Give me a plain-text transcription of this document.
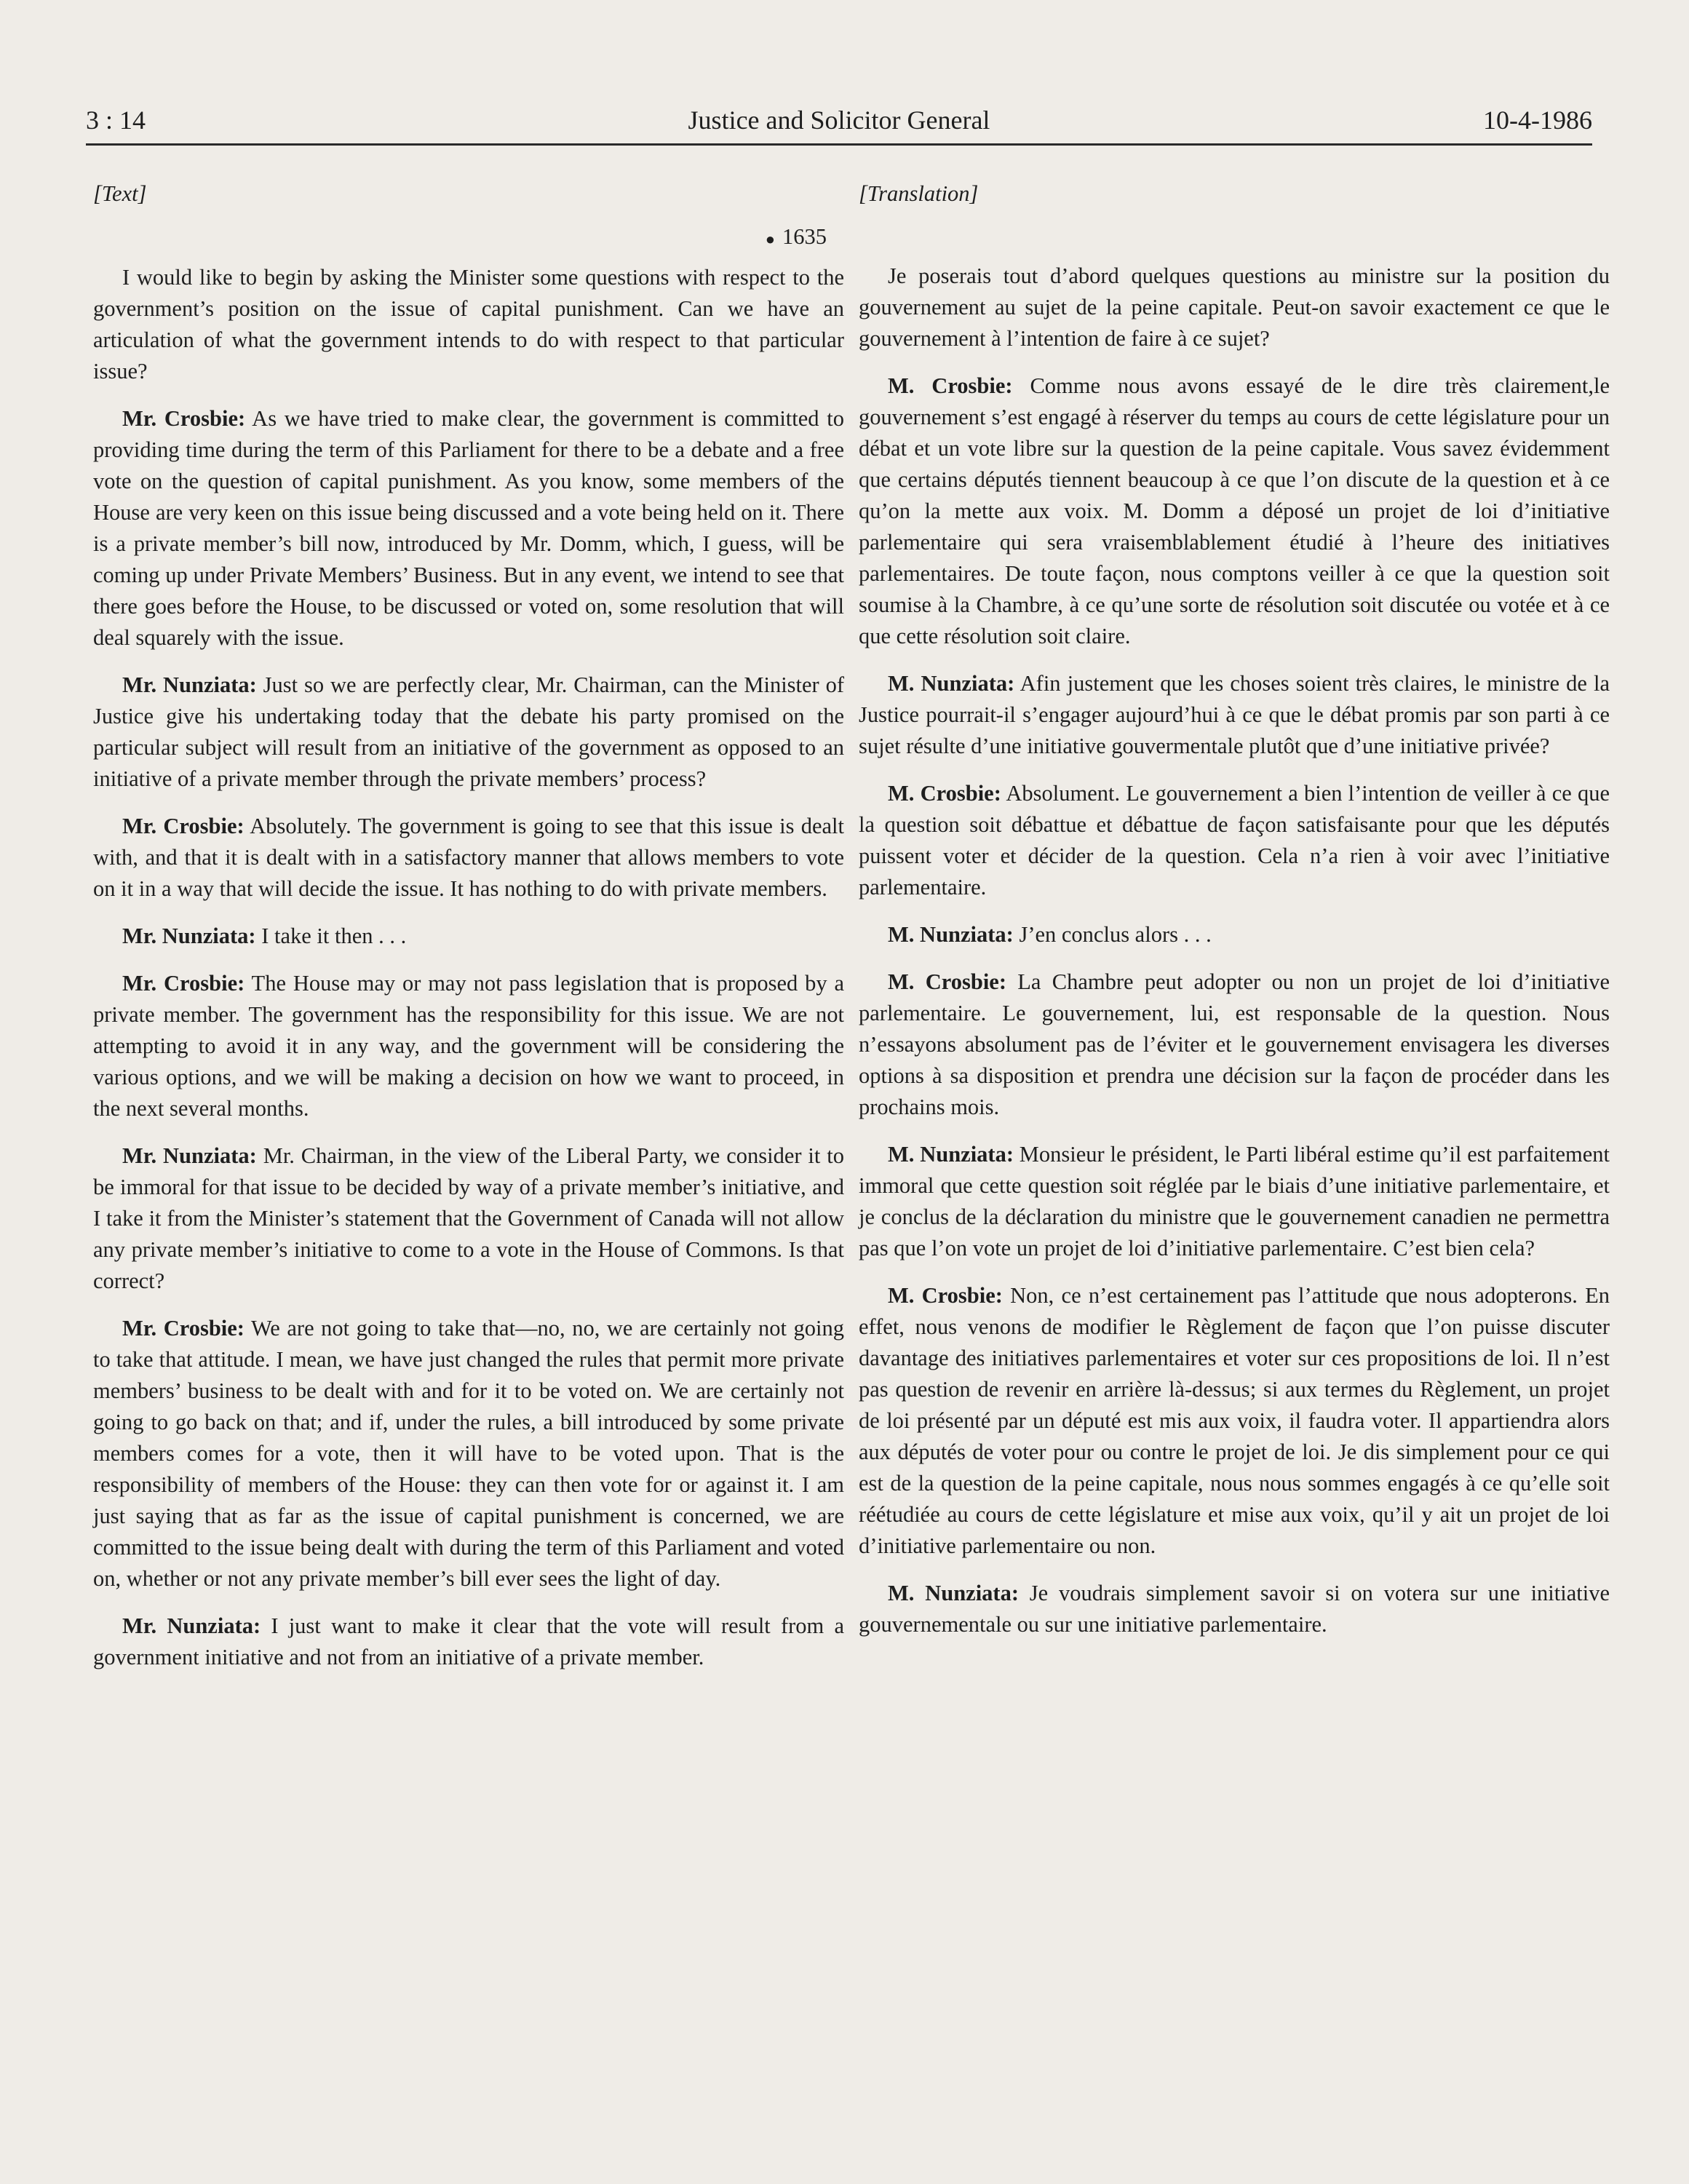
3 : 14	Justice and Solicitor General	10-4-1986
[Text]
● 1635

I would like to begin by asking the Minister some questions with respect to the government’s position on the issue of capital punishment. Can we have an articulation of what the government intends to do with respect to that particular issue?

Mr. Crosbie: As we have tried to make clear, the government is committed to providing time during the term of this Parliament for there to be a debate and a free vote on the question of capital punishment. As you know, some members of the House are very keen on this issue being discussed and a vote being held on it. There is a private member’s bill now, introduced by Mr. Domm, which, I guess, will be coming up under Private Members’ Business. But in any event, we intend to see that there goes before the House, to be discussed or voted on, some resolution that will deal squarely with the issue.

Mr. Nunziata: Just so we are perfectly clear, Mr. Chairman, can the Minister of Justice give his undertaking today that the debate his party promised on the particular subject will result from an initiative of the government as opposed to an initiative of a private member through the private members’ process?

Mr. Crosbie: Absolutely. The government is going to see that this issue is dealt with, and that it is dealt with in a satisfactory manner that allows members to vote on it in a way that will decide the issue. It has nothing to do with private members.

Mr. Nunziata: I take it then . . .

Mr. Crosbie: The House may or may not pass legislation that is proposed by a private member. The government has the responsibility for this issue. We are not attempting to avoid it in any way, and the government will be considering the various options, and we will be making a decision on how we want to proceed, in the next several months.

Mr. Nunziata: Mr. Chairman, in the view of the Liberal Party, we consider it to be immoral for that issue to be decided by way of a private member’s initiative, and I take it from the Minister’s statement that the Government of Canada will not allow any private member’s initiative to come to a vote in the House of Commons. Is that correct?

Mr. Crosbie: We are not going to take that—no, no, we are certainly not going to take that attitude. I mean, we have just changed the rules that permit more private members’ business to be dealt with and for it to be voted on. We are certainly not going to go back on that; and if, under the rules, a bill introduced by some private members comes for a vote, then it will have to be voted upon. That is the responsibility of members of the House: they can then vote for or against it. I am just saying that as far as the issue of capital punishment is concerned, we are committed to the issue being dealt with during the term of this Parliament and voted on, whether or not any private member’s bill ever sees the light of day.

Mr. Nunziata: I just want to make it clear that the vote will result from a government initiative and not from an initiative of a private member.

[Translation]

Je poserais tout d’abord quelques questions au ministre sur la position du gouvernement au sujet de la peine capitale. Peut-on savoir exactement ce que le gouvernement à l’intention de faire à ce sujet?

M. Crosbie: Comme nous avons essayé de le dire très clairement,le gouvernement s’est engagé à réserver du temps au cours de cette législature pour un débat et un vote libre sur la question de la peine capitale. Vous savez évidemment que certains députés tiennent beaucoup à ce que l’on discute de la question et à ce qu’on la mette aux voix. M. Domm a déposé un projet de loi d’initiative parlementaire qui sera vraisemblablement étudié à l’heure des initiatives parlementaires. De toute façon, nous comptons veiller à ce que la question soit soumise à la Chambre, à ce qu’une sorte de résolution soit discutée ou votée et à ce que cette résolution soit claire.

M. Nunziata: Afin justement que les choses soient très claires, le ministre de la Justice pourrait-il s’engager aujourd’hui à ce que le débat promis par son parti à ce sujet résulte d’une initiative gouvermentale plutôt que d’une initiative privée?

M. Crosbie: Absolument. Le gouvernement a bien l’intention de veiller à ce que la question soit débattue et débattue de façon satisfaisante pour que les députés puissent voter et décider de la question. Cela n’a rien à voir avec l’initiative parlementaire.

M. Nunziata: J’en conclus alors . . .

M. Crosbie: La Chambre peut adopter ou non un projet de loi d’initiative parlementaire. Le gouvernement, lui, est responsable de la question. Nous n’essayons absolument pas de l’éviter et le gouvernement envisagera les diverses options à sa disposition et prendra une décision sur la façon de procéder dans les prochains mois.

M. Nunziata: Monsieur le président, le Parti libéral estime qu’il est parfaitement immoral que cette question soit réglée par le biais d’une initiative parlementaire, et je conclus de la déclaration du ministre que le gouvernement canadien ne permettra pas que l’on vote un projet de loi d’initiative parlementaire. C’est bien cela?

M. Crosbie: Non, ce n’est certainement pas l’attitude que nous adopterons. En effet, nous venons de modifier le Règlement de façon que l’on puisse discuter davantage des initiatives parlementaires et voter sur ces propositions de loi. Il n’est pas question de revenir en arrière là-dessus; si aux termes du Règlement, un projet de loi présenté par un député est mis aux voix, il faudra voter. Il appartiendra alors aux députés de voter pour ou contre le projet de loi. Je dis simplement pour ce qui est de la question de la peine capitale, nous nous sommes engagés à ce qu’elle soit réétudiée au cours de cette législature et mise aux voix, qu’il y ait un projet de loi d’initiative parlementaire ou non.

M. Nunziata: Je voudrais simplement savoir si on votera sur une initiative gouvernementale ou sur une initiative parlementaire.
